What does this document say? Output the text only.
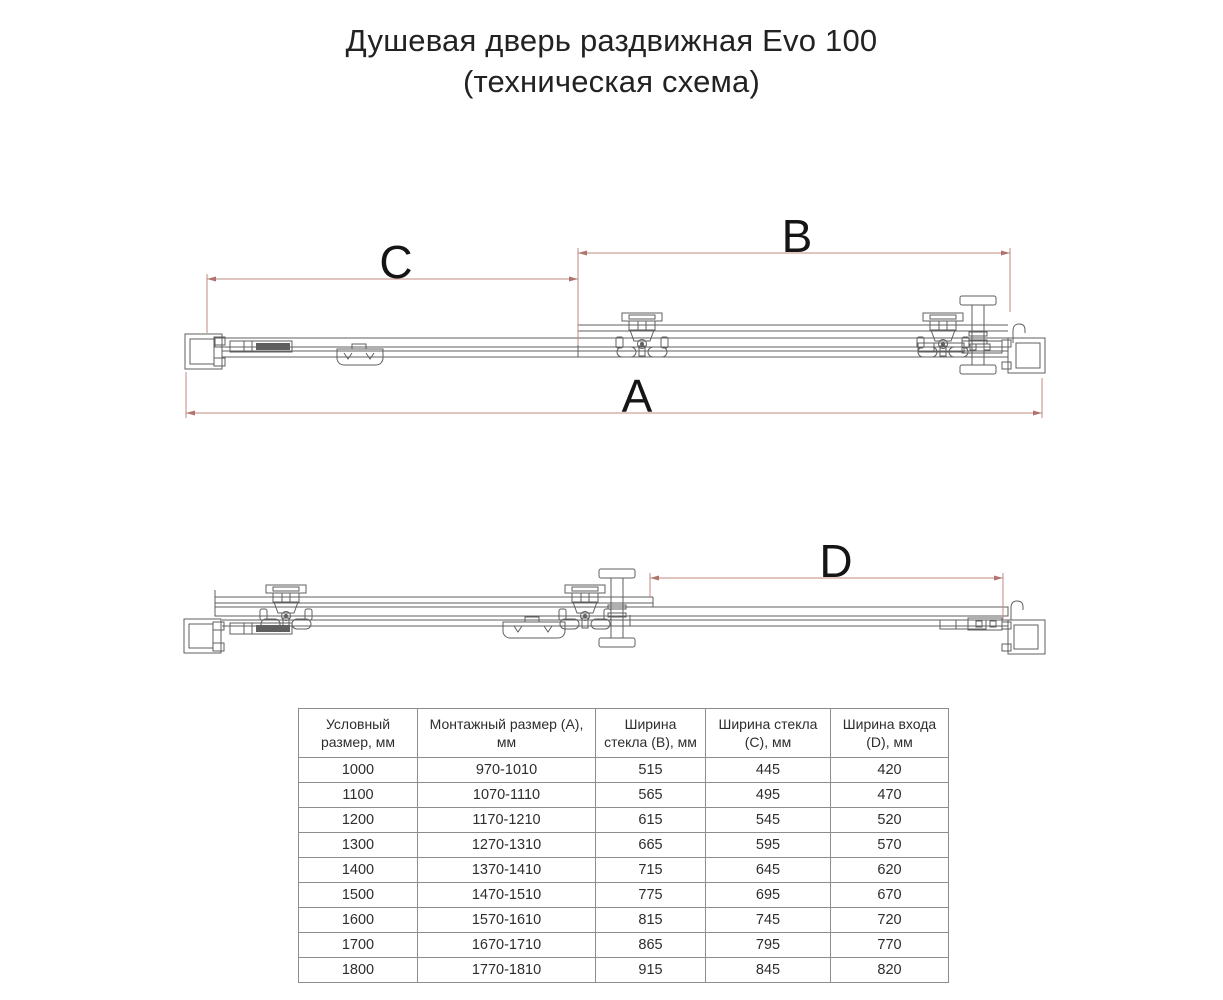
Душевая дверь раздвижная Evo 100
(техническая схема)
A
B
C
D
Условный размер, мм	Монтажный размер (A), мм	Ширина стекла (B), мм	Ширина стекла (C), мм	Ширина входа (D), мм
1000	970-1010	515	445	420
1100	1070-1110	565	495	470
1200	1170-1210	615	545	520
1300	1270-1310	665	595	570
1400	1370-1410	715	645	620
1500	1470-1510	775	695	670
1600	1570-1610	815	745	720
1700	1670-1710	865	795	770
1800	1770-1810	915	845	820
